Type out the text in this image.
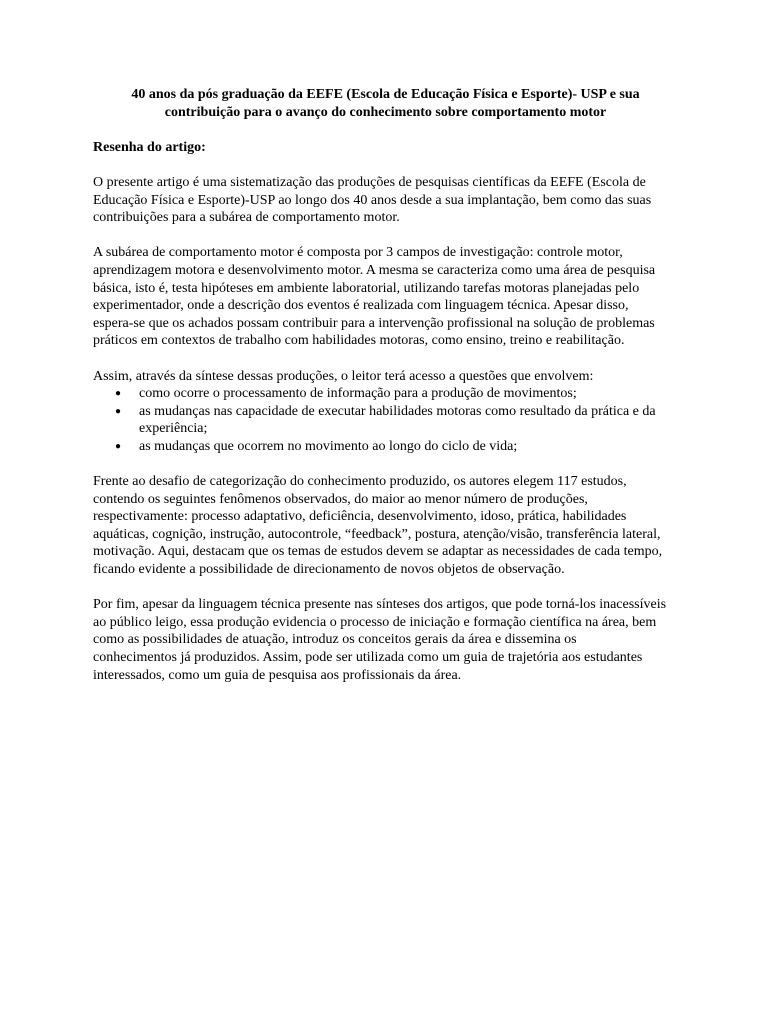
40 anos da pós graduação da EEFE (Escola de Educação Física e Esporte)- USP e sua
contribuição para o avanço do conhecimento sobre comportamento motor
Resenha do artigo:
O presente artigo é uma sistematização das produções de pesquisas científicas da EEFE (Escola de
Educação Física e Esporte)-USP ao longo dos 40 anos desde a sua implantação, bem como das suas
contribuições para a subárea de comportamento motor.
A subárea de comportamento motor é composta por 3 campos de investigação: controle motor,
aprendizagem motora e desenvolvimento motor. A mesma se caracteriza como uma área de pesquisa
básica, isto é, testa hipóteses em ambiente laboratorial, utilizando tarefas motoras planejadas pelo
experimentador, onde a descrição dos eventos é realizada com linguagem técnica. Apesar disso,
espera-se que os achados possam contribuir para a intervenção profissional na solução de problemas
práticos em contextos de trabalho com habilidades motoras, como ensino, treino e reabilitação.
Assim, através da síntese dessas produções, o leitor terá acesso a questões que envolvem:
● como ocorre o processamento de informação para a produção de movimentos;
● as mudanças nas capacidade de executar habilidades motoras como resultado da prática e da
experiência;
● as mudanças que ocorrem no movimento ao longo do ciclo de vida;
Frente ao desafio de categorização do conhecimento produzido, os autores elegem 117 estudos,
contendo os seguintes fenômenos observados, do maior ao menor número de produções,
respectivamente: processo adaptativo, deficiência, desenvolvimento, idoso, prática, habilidades
aquáticas, cognição, instrução, autocontrole, “feedback”, postura, atenção/visão, transferência lateral,
motivação. Aqui, destacam que os temas de estudos devem se adaptar as necessidades de cada tempo,
ficando evidente a possibilidade de direcionamento de novos objetos de observação.
Por fim, apesar da linguagem técnica presente nas sínteses dos artigos, que pode torná-los inacessíveis
ao público leigo, essa produção evidencia o processo de iniciação e formação científica na área, bem
como as possibilidades de atuação, introduz os conceitos gerais da área e dissemina os
conhecimentos já produzidos. Assim, pode ser utilizada como um guia de trajetória aos estudantes
interessados, como um guia de pesquisa aos profissionais da área.
